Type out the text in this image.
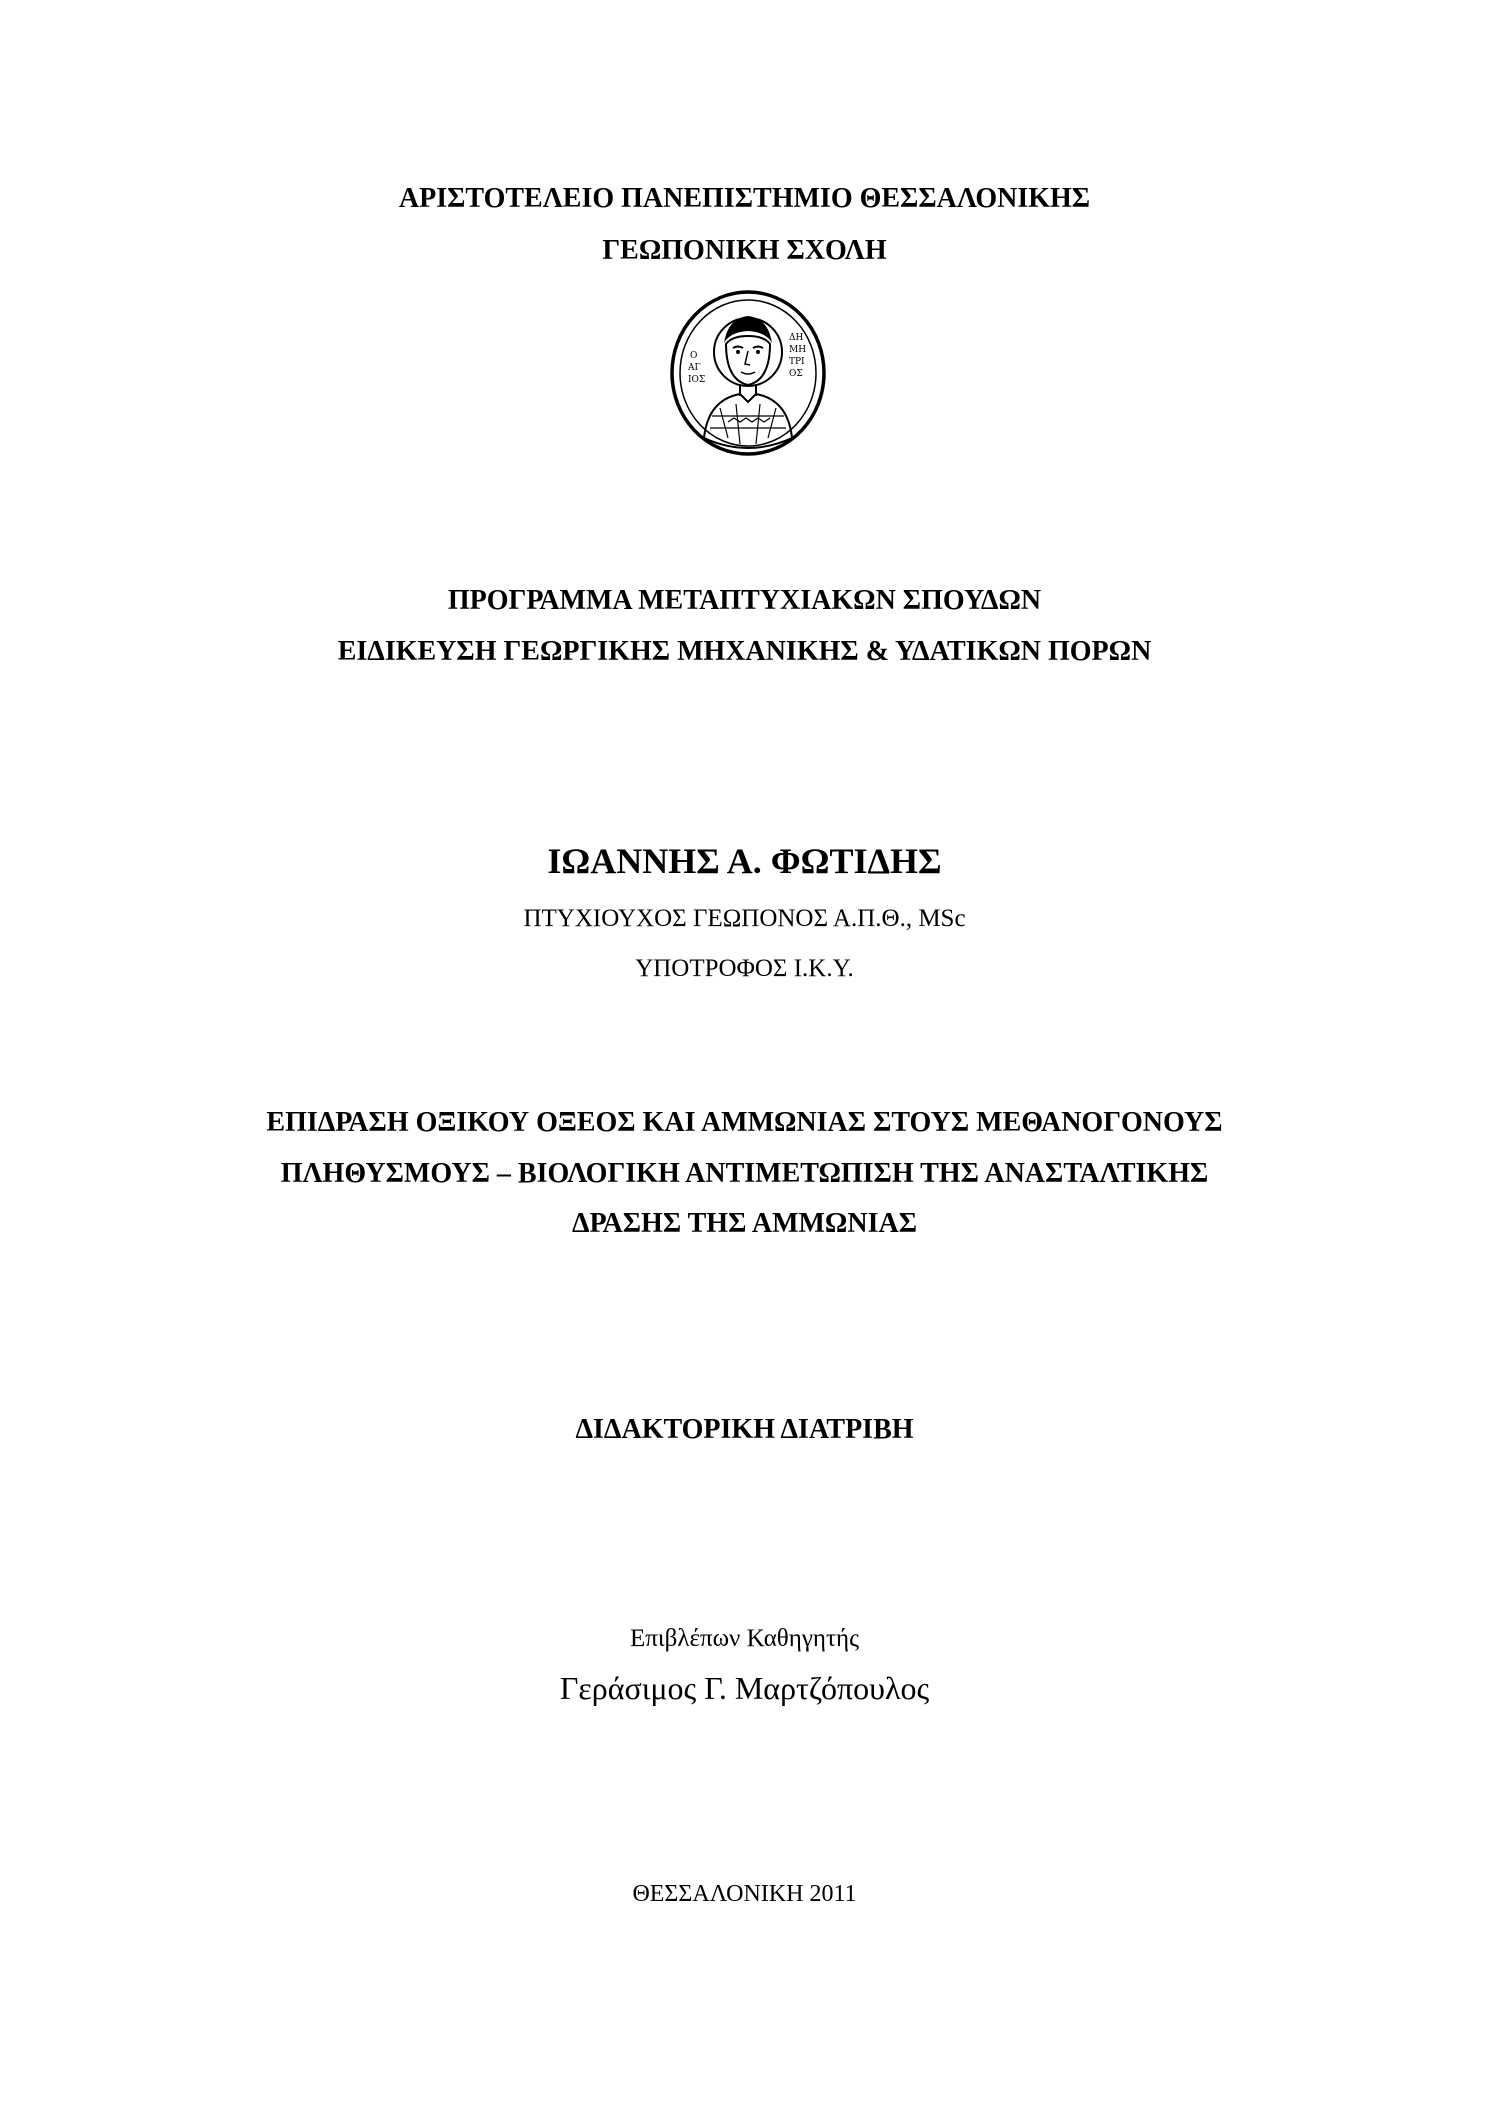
ΑΡΙΣΤΟΤΕΛΕΙΟ ΠΑΝΕΠΙΣΤΗΜΙΟ ΘΕΣΣΑΛΟΝΙΚΗΣ
ΓΕΩΠΟΝΙΚΗ ΣΧΟΛΗ
Ο
ΑΓ
ΙΟΣ
ΔΗ
ΜΗ
ΤΡΙ
ΟΣ
ΠΡΟΓΡΑΜΜΑ ΜΕΤΑΠΤΥΧΙΑΚΩΝ ΣΠΟΥΔΩΝ
ΕΙΔΙΚΕΥΣΗ ΓΕΩΡΓΙΚΗΣ ΜΗΧΑΝΙΚΗΣ & ΥΔΑΤΙΚΩΝ ΠΟΡΩΝ
ΙΩΑΝΝΗΣ Α. ΦΩΤΙΔΗΣ
ΠΤΥΧΙΟΥΧΟΣ ΓΕΩΠΟΝΟΣ Α.Π.Θ., MSc
ΥΠΟΤΡΟΦΟΣ Ι.Κ.Υ.
ΕΠΙΔΡΑΣΗ ΟΞΙΚΟΥ ΟΞΕΟΣ ΚΑΙ ΑΜΜΩΝΙΑΣ ΣΤΟΥΣ ΜΕΘΑΝΟΓΟΝΟΥΣ
ΠΛΗΘΥΣΜΟΥΣ – ΒΙΟΛΟΓΙΚΗ ΑΝΤΙΜΕΤΩΠΙΣΗ ΤΗΣ ΑΝΑΣΤΑΛΤΙΚΗΣ
ΔΡΑΣΗΣ ΤΗΣ ΑΜΜΩΝΙΑΣ
ΔΙΔΑΚΤΟΡΙΚΗ ΔΙΑΤΡΙΒΗ
Επιβλέπων Καθηγητής
Γεράσιμος Γ. Μαρτζόπουλος
ΘΕΣΣΑΛΟΝΙΚΗ 2011
